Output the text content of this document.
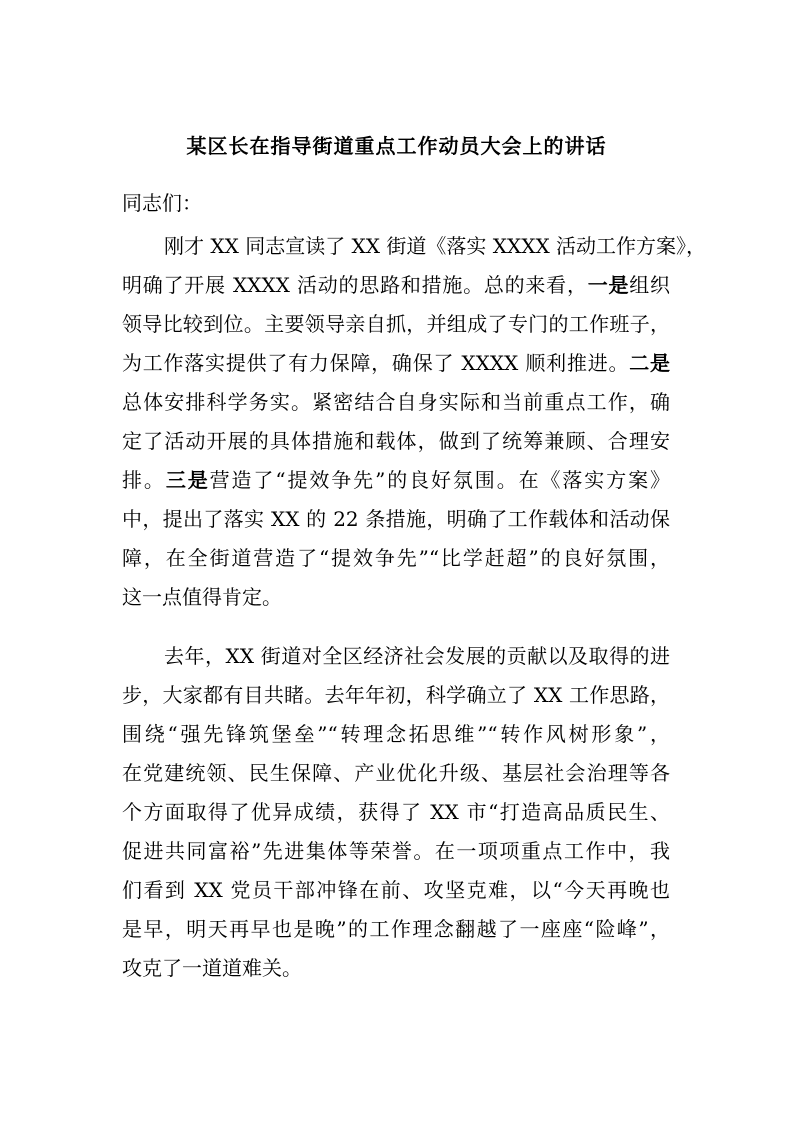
某区长在指导街道重点工作动员大会上的讲话
同志们：
刚才 XX 同志宣读了 XX 街道《落实 XXXX 活动工作方案》，
明确了开展 XXXX 活动的思路和措施。总的来看，一是组织
领导比较到位。主要领导亲自抓，并组成了专门的工作班子，
为工作落实提供了有力保障，确保了 XXXX 顺利推进。二是
总体安排科学务实。紧密结合自身实际和当前重点工作，确
定了活动开展的具体措施和载体，做到了统筹兼顾、合理安
排。三是营造了“提效争先”的良好氛围。在《落实方案》
中，提出了落实 XX 的 22 条措施，明确了工作载体和活动保
障，在全街道营造了“提效争先”“比学赶超”的良好氛围，
这一点值得肯定。
去年，XX 街道对全区经济社会发展的贡献以及取得的进
步，大家都有目共睹。去年年初，科学确立了 XX 工作思路，
围绕“强先锋筑堡垒”“转理念拓思维”“转作风树形象”，
在党建统领、民生保障、产业优化升级、基层社会治理等各
个方面取得了优异成绩，获得了 XX 市“打造高品质民生、
促进共同富裕”先进集体等荣誉。在一项项重点工作中，我
们看到 XX 党员干部冲锋在前、攻坚克难，以“今天再晚也
是早，明天再早也是晚”的工作理念翻越了一座座“险峰”，
攻克了一道道难关。
